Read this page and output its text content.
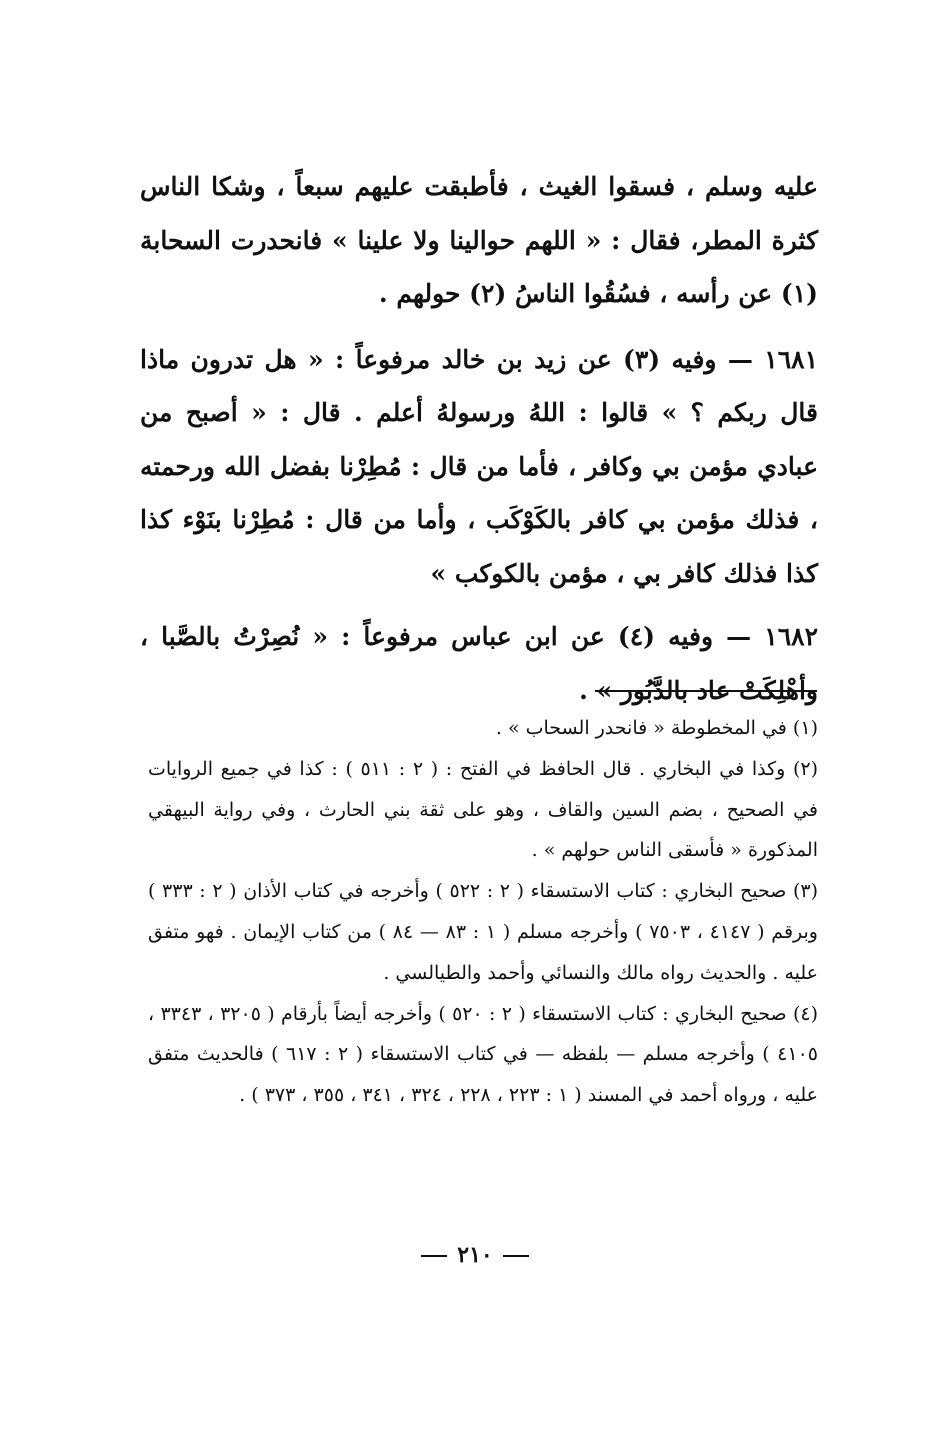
عليه وسلم ، فسقوا الغيث ، فأطبقت عليهم سبعاً ، وشكا الناس كثرة المطر، فقال : « اللهم حوالينا ولا علينا » فانحدرت السحابة (١) عن رأسه ، فسُقُوا الناسُ (٢) حولهم .

١٦٨١ — وفيه (٣) عن زيد بن خالد مرفوعاً : « هل تدرون ماذا قال ربكم ؟ » قالوا : اللهُ ورسولهُ أعلم . قال : « أصبح من عبادي مؤمن بي وكافر ، فأما من قال : مُطِرْنا بفضل الله ورحمته ، فذلك مؤمن بي كافر بالكَوْكَب ، وأما من قال : مُطِرْنا بنَوْء كذا كذا فذلك كافر بي ، مؤمن بالكوكب »

١٦٨٢ — وفيه (٤) عن ابن عباس مرفوعاً : « نُصِرْتُ بالصَّبا ، وأهْلِكَتْ عاد بالدَّبُور » .

(١) في المخطوطة « فانحدر السحاب » .

(٢) وكذا في البخاري . قال الحافظ في الفتح : ( ٢ : ٥١١ ) : كذا في جميع الروايات في الصحيح ، بضم السين والقاف ، وهو على ثقة بني الحارث ، وفي رواية البيهقي المذكورة « فأسقى الناس حولهم » .

(٣) صحيح البخاري : كتاب الاستسقاء ( ٢ : ٥٢٢ ) وأخرجه في كتاب الأذان ( ٢ : ٣٣٣ ) وبرقم ( ٤١٤٧ ، ٧٥٠٣ ) وأخرجه مسلم ( ١ : ٨٣ — ٨٤ ) من كتاب الإيمان . فهو متفق عليه . والحديث رواه مالك والنسائي وأحمد والطيالسي .

(٤) صحيح البخاري : كتاب الاستسقاء ( ٢ : ٥٢٠ ) وأخرجه أيضاً بأرقام ( ٣٢٠٥ ، ٣٣٤٣ ، ٤١٠٥ ) وأخرجه مسلم — بلفظه — في كتاب الاستسقاء ( ٢ : ٦١٧ ) فالحديث متفق عليه ، ورواه أحمد في المسند ( ١ : ٢٢٣ ، ٢٢٨ ، ٣٢٤ ، ٣٤١ ، ٣٥٥ ، ٣٧٣ ) .

٢١٠
